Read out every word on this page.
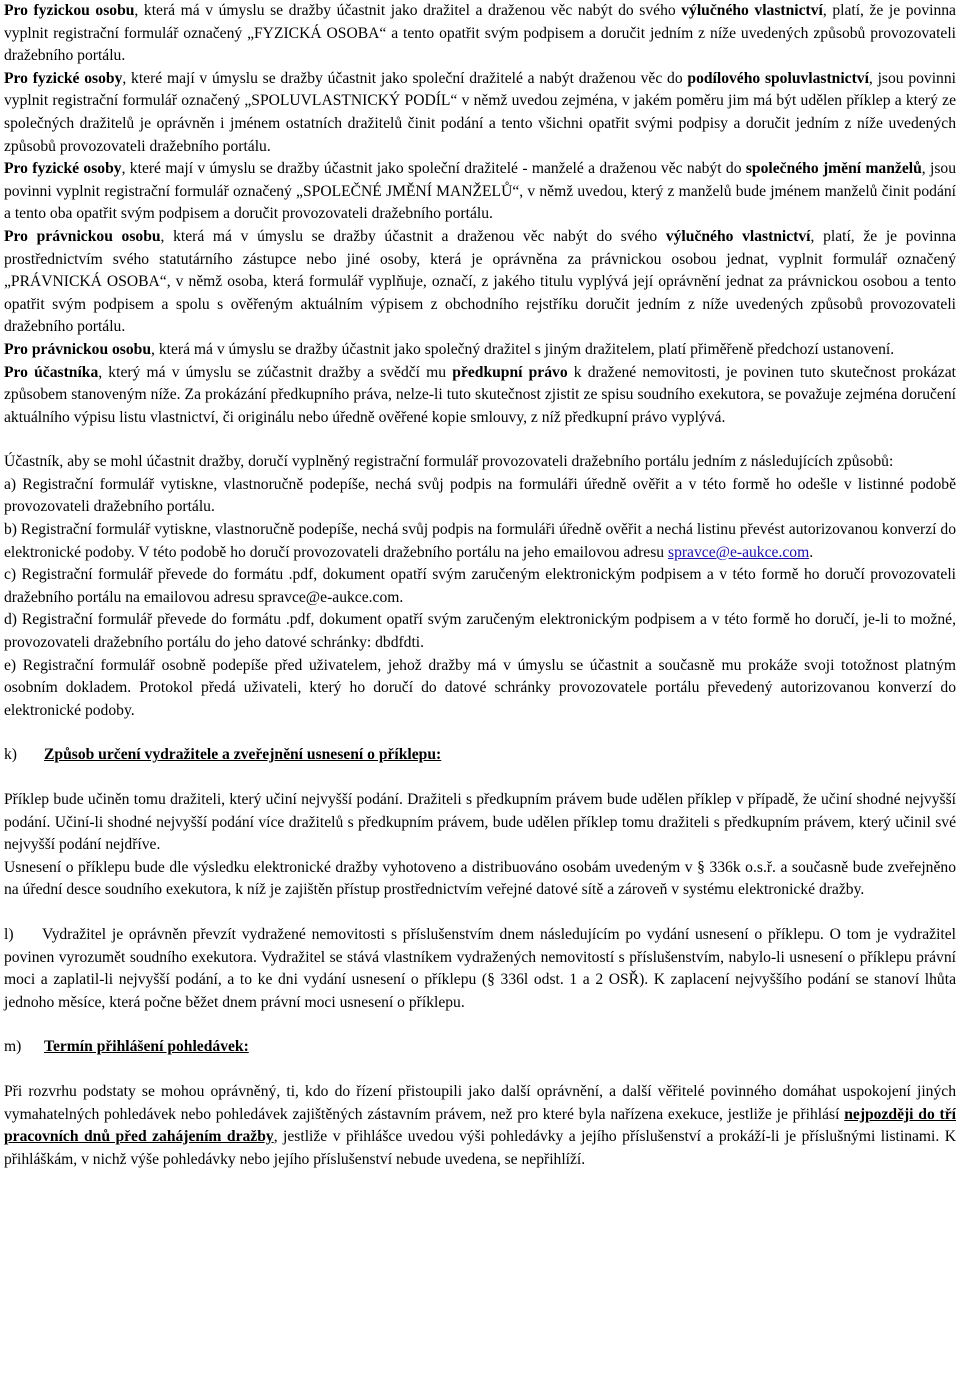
Pro fyzickou osobu, která má v úmyslu se dražby účastnit jako dražitel a draženou věc nabýt do svého výlučného vlastnictví, platí, že je povinna vyplnit registrační formulář označený „FYZICKÁ OSOBA“ a tento opatřit svým podpisem a doručit jedním z níže uvedených způsobů provozovateli dražebního portálu.

Pro fyzické osoby, které mají v úmyslu se dražby účastnit jako společní dražitelé a nabýt draženou věc do podílového spoluvlastnictví, jsou povinni vyplnit registrační formulář označený „SPOLUVLASTNICKÝ PODÍL“ v němž uvedou zejména, v jakém poměru jim má být udělen příklep a který ze společných dražitelů je oprávněn i jménem ostatních dražitelů činit podání a tento všichni opatřit svými podpisy a doručit jedním z níže uvedených způsobů provozovateli dražebního portálu.

Pro fyzické osoby, které mají v úmyslu se dražby účastnit jako společní dražitelé - manželé a draženou věc nabýt do společného jmění manželů, jsou povinni vyplnit registrační formulář označený „SPOLEČNÉ JMĚNÍ MANŽELŮ“, v němž uvedou, který z manželů bude jménem manželů činit podání a tento oba opatřit svým podpisem a doručit provozovateli dražebního portálu.

Pro právnickou osobu, která má v úmyslu se dražby účastnit a draženou věc nabýt do svého výlučného vlastnictví, platí, že je povinna prostřednictvím svého statutárního zástupce nebo jiné osoby, která je oprávněna za právnickou osobou jednat, vyplnit formulář označený „PRÁVNICKÁ OSOBA“, v němž osoba, která formulář vyplňuje, označí, z jakého titulu vyplývá její oprávnění jednat za právnickou osobou a tento opatřit svým podpisem a spolu s ověřeným aktuálním výpisem z obchodního rejstříku doručit jedním z níže uvedených způsobů provozovateli dražebního portálu.

Pro právnickou osobu, která má v úmyslu se dražby účastnit jako společný dražitel s jiným dražitelem, platí přiměřeně předchozí ustanovení.

Pro účastníka, který má v úmyslu se zúčastnit dražby a svědčí mu předkupní právo k dražené nemovitosti, je povinen tuto skutečnost prokázat způsobem stanoveným níže. Za prokázání předkupního práva, nelze-li tuto skutečnost zjistit ze spisu soudního exekutora, se považuje zejména doručení aktuálního výpisu listu vlastnictví, či originálu nebo úředně ověřené kopie smlouvy, z níž předkupní právo vyplývá.

Účastník, aby se mohl účastnit dražby, doručí vyplněný registrační formulář provozovateli dražebního portálu jedním z následujících způsobů:

a) Registrační formulář vytiskne, vlastnoručně podepíše, nechá svůj podpis na formuláři úředně ověřit a v této formě ho odešle v listinné podobě provozovateli dražebního portálu.

b) Registrační formulář vytiskne, vlastnoručně podepíše, nechá svůj podpis na formuláři úředně ověřit a nechá listinu převést autorizovanou konverzí do elektronické podoby. V této podobě ho doručí provozovateli dražebního portálu na jeho emailovou adresu spravce@e-aukce.com.

c) Registrační formulář převede do formátu .pdf, dokument opatří svým zaručeným elektronickým podpisem a v této formě ho doručí provozovateli dražebního portálu na emailovou adresu spravce@e-aukce.com.

d) Registrační formulář převede do formátu .pdf, dokument opatří svým zaručeným elektronickým podpisem a v této formě ho doručí, je-li to možné, provozovateli dražebního portálu do jeho datové schránky: dbdfdti.

e) Registrační formulář osobně podepíše před uživatelem, jehož dražby má v úmyslu se účastnit a současně mu prokáže svoji totožnost platným osobním dokladem. Protokol předá uživateli, který ho doručí do datové schránky provozovatele portálu převedený autorizovanou konverzí do elektronické podoby.

k)	Způsob určení vydražitele a zveřejnění usnesení o příklepu:

Příklep bude učiněn tomu dražiteli, který učiní nejvyšší podání. Dražiteli s předkupním právem bude udělen příklep v případě, že učiní shodné nejvyšší podání. Učiní-li shodné nejvyšší podání více dražitelů s předkupním právem, bude udělen příklep tomu dražiteli s předkupním právem, který učinil své nejvyšší podání nejdříve.

Usnesení o příklepu bude dle výsledku elektronické dražby vyhotoveno a distribuováno osobám uvedeným v § 336k o.s.ř. a současně bude zveřejněno na úřední desce soudního exekutora, k níž je zajištěn přístup prostřednictvím veřejné datové sítě a zároveň v systému elektronické dražby.

l)     Vydražitel je oprávněn převzít vydražené nemovitosti s příslušenstvím dnem následujícím po vydání usnesení o příklepu. O tom je vydražitel povinen vyrozumět soudního exekutora. Vydražitel se stává vlastníkem vydražených nemovitostí s příslušenstvím, nabylo-li usnesení o příklepu právní moci a zaplatil-li nejvyšší podání, a to ke dni vydání usnesení o příklepu (§ 336l odst. 1 a 2 OSŘ). K zaplacení nejvyššího podání se stanoví lhůta jednoho měsíce, která počne běžet dnem právní moci usnesení o příklepu.

m)	Termín přihlášení pohledávek:

Při rozvrhu podstaty se mohou oprávněný, ti, kdo do řízení přistoupili jako další oprávnění, a další věřitelé povinného domáhat uspokojení jiných vymahatelných pohledávek nebo pohledávek zajištěných zástavním právem, než pro které byla nařízena exekuce, jestliže je přihlásí nejpozději do tří pracovních dnů před zahájením dražby, jestliže v přihlášce uvedou výši pohledávky a jejího příslušenství a prokáží-li je příslušnými listinami. K přihláškám, v nichž výše pohledávky nebo jejího příslušenství nebude uvedena, se nepřihlíží.
